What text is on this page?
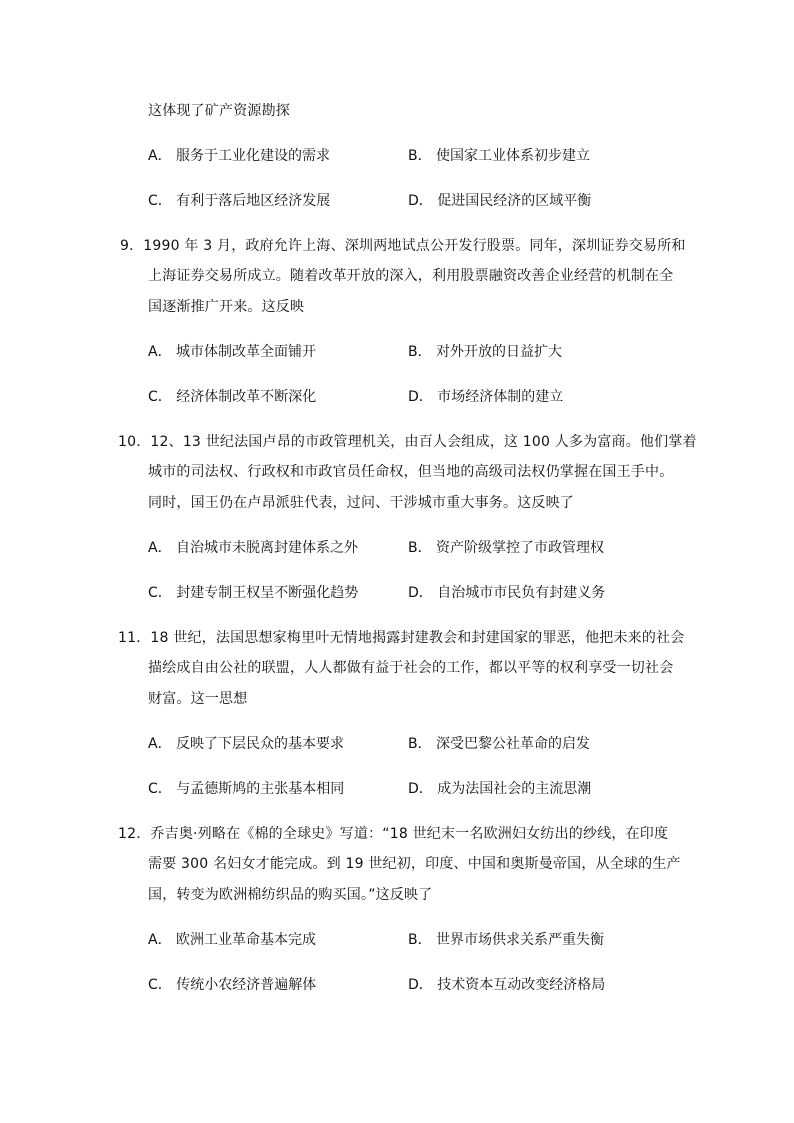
这体现了矿产资源勘探
A． 服务于工业化建设的需求	B． 使国家工业体系初步建立
C． 有利于落后地区经济发展	D． 促进国民经济的区域平衡
9．1990 年 3 月，政府允许上海、深圳两地试点公开发行股票。同年，深圳证券交易所和
上海证券交易所成立。随着改革开放的深入，利用股票融资改善企业经营的机制在全
国逐渐推广开来。这反映
A． 城市体制改革全面铺开	B． 对外开放的日益扩大
C． 经济体制改革不断深化	D． 市场经济体制的建立
10．12、13 世纪法国卢昂的市政管理机关，由百人会组成，这 100 人多为富商。他们掌着
城市的司法权、行政权和市政官员任命权，但当地的高级司法权仍掌握在国王手中。
同时，国王仍在卢昂派驻代表，过问、干涉城市重大事务。这反映了
A． 自治城市未脱离封建体系之外	B． 资产阶级掌控了市政管理权
C． 封建专制王权呈不断强化趋势	D． 自治城市市民负有封建义务
11．18 世纪，法国思想家梅里叶无情地揭露封建教会和封建国家的罪恶，他把未来的社会
描绘成自由公社的联盟，人人都做有益于社会的工作，都以平等的权利享受一切社会
财富。这一思想
A． 反映了下层民众的基本要求	B． 深受巴黎公社革命的启发
C． 与孟德斯鸠的主张基本相同	D． 成为法国社会的主流思潮
12．乔吉奥·列略在《棉的全球史》写道：“18 世纪末一名欧洲妇女纺出的纱线，在印度
需要 300 名妇女才能完成。到 19 世纪初，印度、中国和奥斯曼帝国，从全球的生产
国，转变为欧洲棉纺织品的购买国。”这反映了
A． 欧洲工业革命基本完成	B． 世界市场供求关系严重失衡
C． 传统小农经济普遍解体	D． 技术资本互动改变经济格局
